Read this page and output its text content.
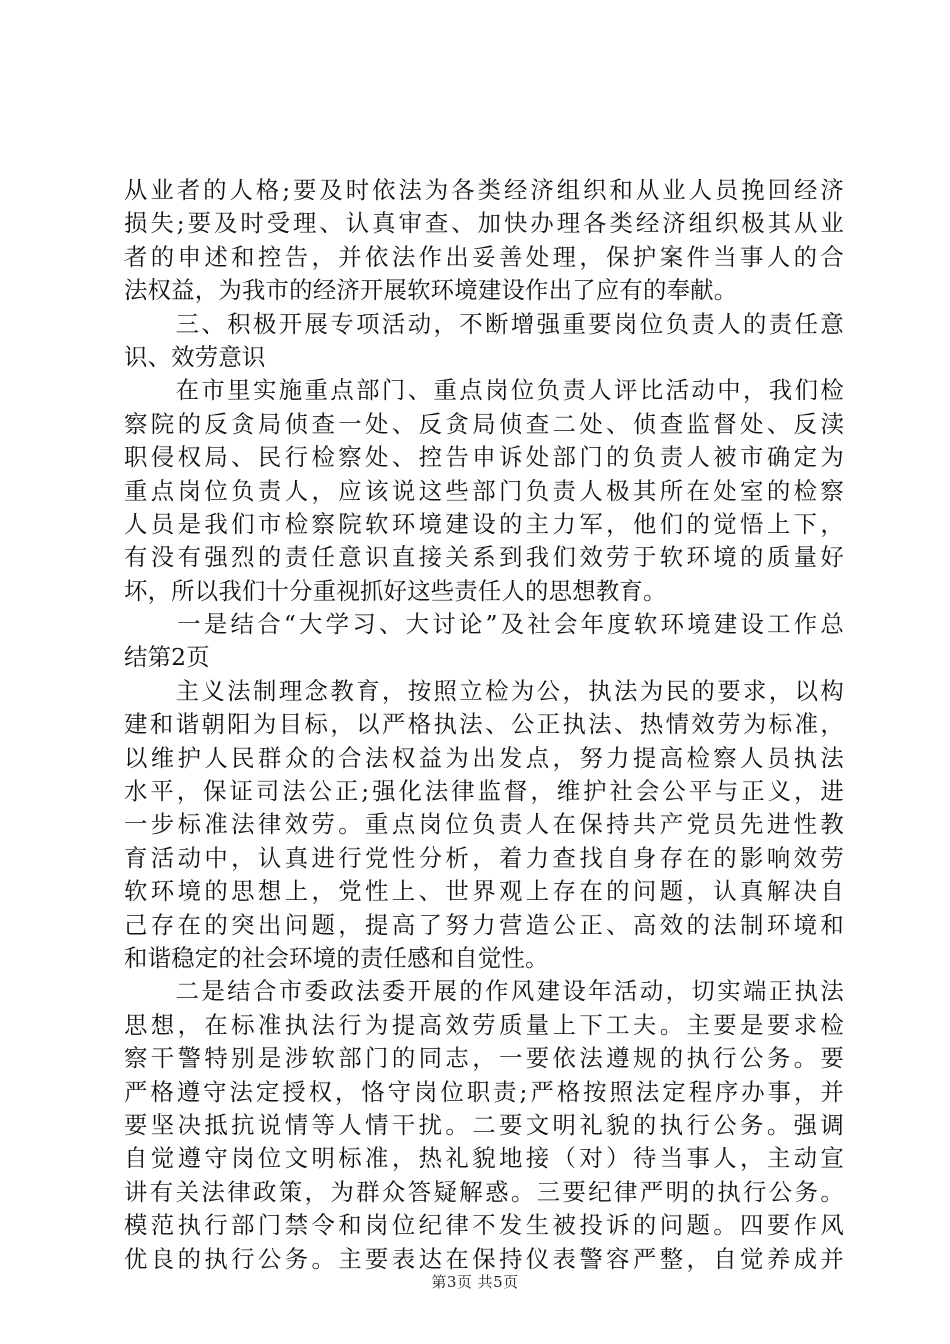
从业者的人格;要及时依法为各类经济组织和从业人员挽回经济
损失;要及时受理、认真审查、加快办理各类经济组织极其从业
者的申述和控告，并依法作出妥善处理，保护案件当事人的合
法权益，为我市的经济开展软环境建设作出了应有的奉献。
　　三、积极开展专项活动，不断增强重要岗位负责人的责任意
识、效劳意识
　　在市里实施重点部门、重点岗位负责人评比活动中，我们检
察院的反贪局侦查一处、反贪局侦查二处、侦查监督处、反渎
职侵权局、民行检察处、控告申诉处部门的负责人被市确定为
重点岗位负责人，应该说这些部门负责人极其所在处室的检察
人员是我们市检察院软环境建设的主力军，他们的觉悟上下，
有没有强烈的责任意识直接关系到我们效劳于软环境的质量好
坏，所以我们十分重视抓好这些责任人的思想教育。
　　一是结合“大学习、大讨论”及社会年度软环境建设工作总
结第2页
　　主义法制理念教育，按照立检为公，执法为民的要求，以构
建和谐朝阳为目标，以严格执法、公正执法、热情效劳为标准，
以维护人民群众的合法权益为出发点，努力提高检察人员执法
水平，保证司法公正;强化法律监督，维护社会公平与正义，进
一步标准法律效劳。重点岗位负责人在保持共产党员先进性教
育活动中，认真进行党性分析，着力查找自身存在的影响效劳
软环境的思想上，党性上、世界观上存在的问题，认真解决自
己存在的突出问题，提高了努力营造公正、高效的法制环境和
和谐稳定的社会环境的责任感和自觉性。
　　二是结合市委政法委开展的作风建设年活动，切实端正执法
思想，在标准执法行为提高效劳质量上下工夫。主要是要求检
察干警特别是涉软部门的同志，一要依法遵规的执行公务。要
严格遵守法定授权，恪守岗位职责;严格按照法定程序办事，并
要坚决抵抗说情等人情干扰。二要文明礼貌的执行公务。强调
自觉遵守岗位文明标准，热礼貌地接（对）待当事人，主动宣
讲有关法律政策，为群众答疑解惑。三要纪律严明的执行公务。
模范执行部门禁令和岗位纪律不发生被投诉的问题。四要作风
优良的执行公务。主要表达在保持仪表警容严整，自觉养成并
第3页 共5页
